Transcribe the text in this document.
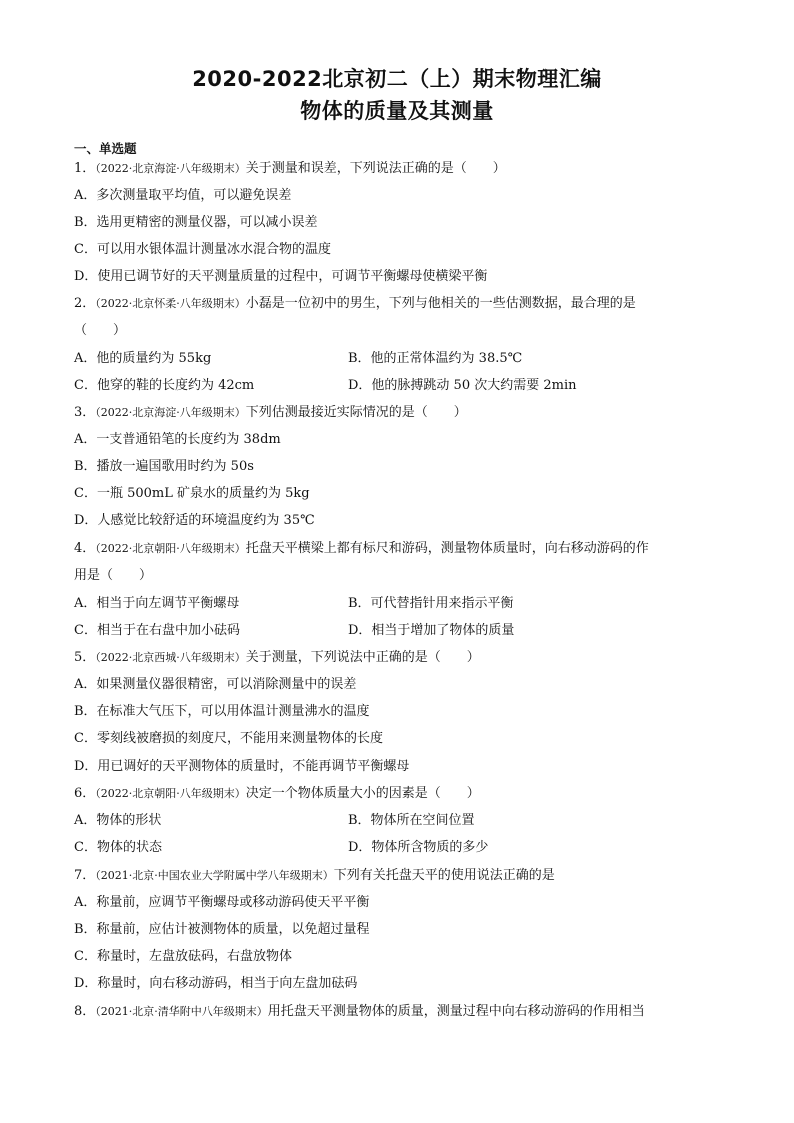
2020-2022北京初二（上）期末物理汇编
物体的质量及其测量
一、单选题
1．（2022·北京海淀·八年级期末）关于测量和误差，下列说法正确的是（　　）
A．多次测量取平均值，可以避免误差
B．选用更精密的测量仪器，可以减小误差
C．可以用水银体温计测量冰水混合物的温度
D．使用已调节好的天平测量质量的过程中，可调节平衡螺母使横梁平衡
2．（2022·北京怀柔·八年级期末）小磊是一位初中的男生，下列与他相关的一些估测数据，最合理的是
（　　）
A．他的质量约为 55kg	B．他的正常体温约为 38.5℃
C．他穿的鞋的长度约为 42cm	D．他的脉搏跳动 50 次大约需要 2min
3．（2022·北京海淀·八年级期末）下列估测最接近实际情况的是（　　）
A．一支普通铅笔的长度约为 38dm
B．播放一遍国歌用时约为 50s
C．一瓶 500mL 矿泉水的质量约为 5kg
D．人感觉比较舒适的环境温度约为 35℃
4．（2022·北京朝阳·八年级期末）托盘天平横梁上都有标尺和游码，测量物体质量时，向右移动游码的作
用是（　　）
A．相当于向左调节平衡螺母	B．可代替指针用来指示平衡
C．相当于在右盘中加小砝码	D．相当于增加了物体的质量
5．（2022·北京西城·八年级期末）关于测量，下列说法中正确的是（　　）
A．如果测量仪器很精密，可以消除测量中的误差
B．在标准大气压下，可以用体温计测量沸水的温度
C．零刻线被磨损的刻度尺，不能用来测量物体的长度
D．用已调好的天平测物体的质量时，不能再调节平衡螺母
6．（2022·北京朝阳·八年级期末）决定一个物体质量大小的因素是（　　）
A．物体的形状	B．物体所在空间位置
C．物体的状态	D．物体所含物质的多少
7．（2021·北京·中国农业大学附属中学八年级期末）下列有关托盘天平的使用说法正确的是
A．称量前，应调节平衡螺母或移动游码使天平平衡
B．称量前，应估计被测物体的质量，以免超过量程
C．称量时，左盘放砝码，右盘放物体
D．称量时，向右移动游码，相当于向左盘加砝码
8．（2021·北京·清华附中八年级期末）用托盘天平测量物体的质量，测量过程中向右移动游码的作用相当
